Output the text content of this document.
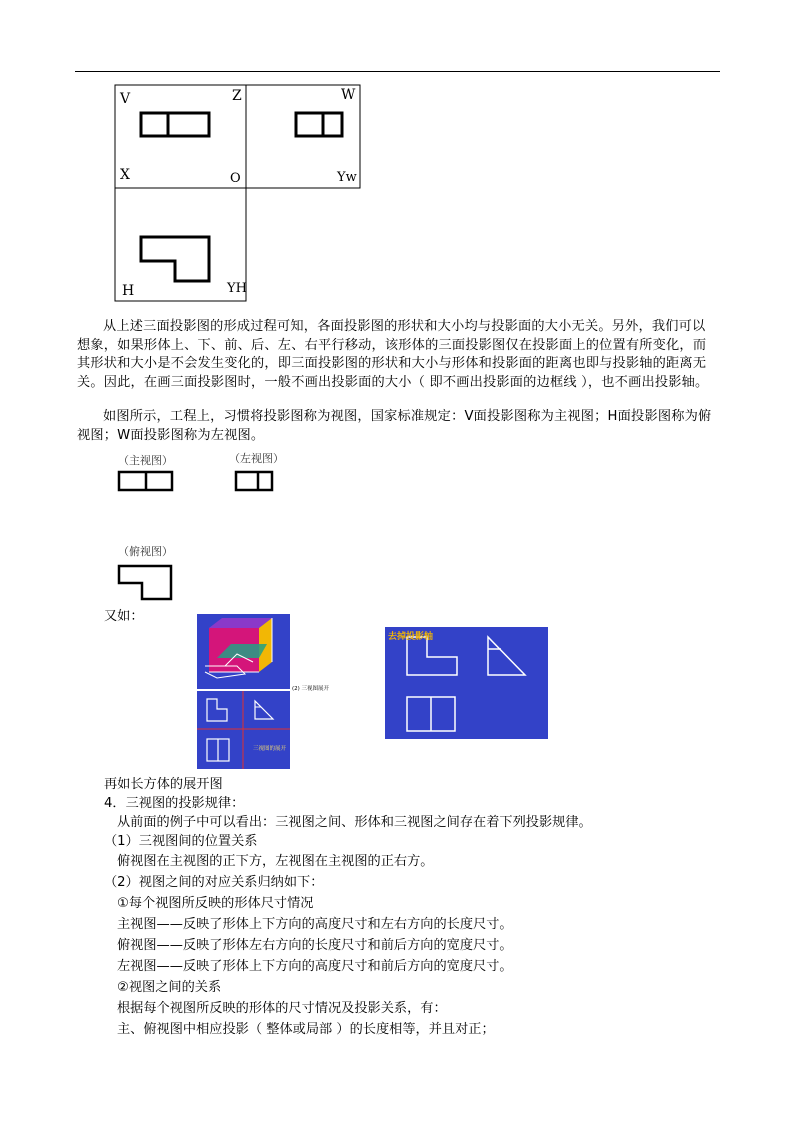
V	Z	W
X	O	Yw
H	YH
从上述三面投影图的形成过程可知，各面投影图的形状和大小均与投影面的大小无关。另外，我们可以想象，如果形体上、下、前、后、左、右平行移动，该形体的三面投影图仅在投影面上的位置有所变化，而其形状和大小是不会发生变化的，即三面投影图的形状和大小与形体和投影面的距离也即与投影轴的距离无关。因此，在画三面投影图时，一般不画出投影面的大小（ 即不画出投影面的边框线 ），也不画出投影轴。
如图所示，工程上，习惯将投影图称为视图，国家标准规定：V面投影图称为主视图；H面投影图称为俯视图；W面投影图称为左视图。
（主视图）	（左视图）
（俯视图）
又如：
(2) 三视图展开
三视图的展开
去掉投影轴
再如长方体的展开图
4．三视图的投影规律：
从前面的例子中可以看出：三视图之间、形体和三视图之间存在着下列投影规律。
（1）三视图间的位置关系
俯视图在主视图的正下方，左视图在主视图的正右方。
（2）视图之间的对应关系归纳如下：
①每个视图所反映的形体尺寸情况
主视图——反映了形体上下方向的高度尺寸和左右方向的长度尺寸。
俯视图——反映了形体左右方向的长度尺寸和前后方向的宽度尺寸。
左视图——反映了形体上下方向的高度尺寸和前后方向的宽度尺寸。
②视图之间的关系
根据每个视图所反映的形体的尺寸情况及投影关系，有：
主、俯视图中相应投影（ 整体或局部 ）的长度相等，并且对正；
